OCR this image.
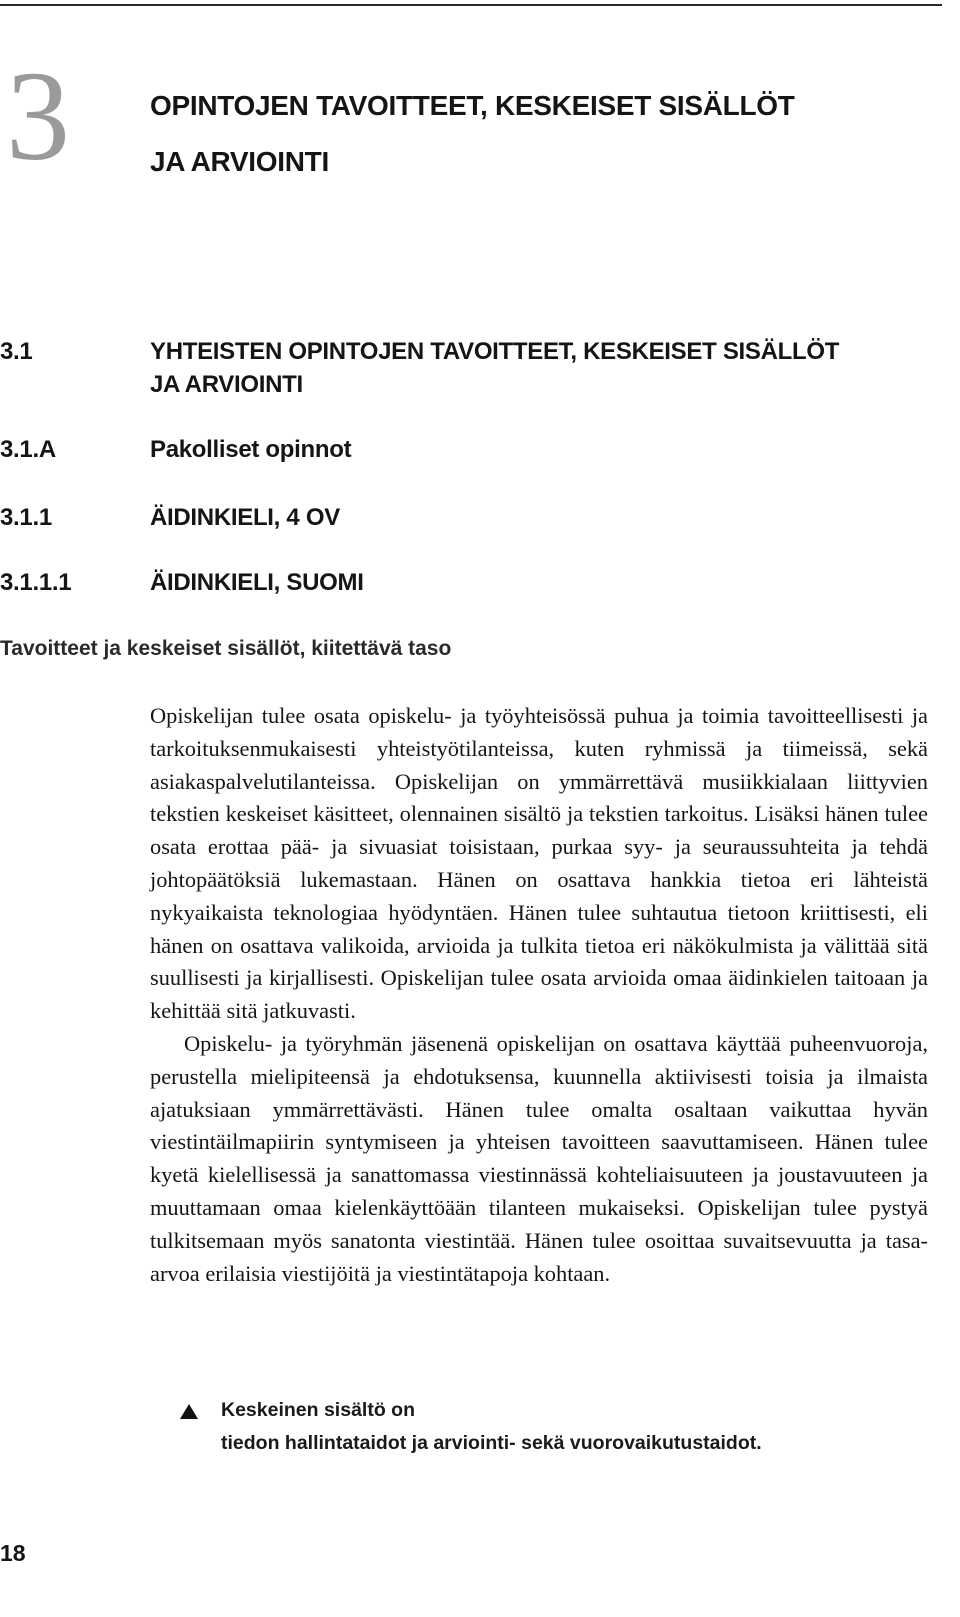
3	OPINTOJEN TAVOITTEET, KESKEISET SISÄLLÖT
JA ARVIOINTI
3.1	YHTEISTEN OPINTOJEN TAVOITTEET, KESKEISET SISÄLLÖT
JA ARVIOINTI
3.1.A	Pakolliset opinnot
3.1.1	ÄIDINKIELI, 4 OV
3.1.1.1	ÄIDINKIELI, SUOMI
Tavoitteet ja keskeiset sisällöt, kiitettävä taso

Opiskelijan tulee osata opiskelu- ja työyhteisössä puhua ja toimia tavoitteellisesti ja tarkoituksenmukaisesti yhteistyötilanteissa, kuten ryhmissä ja tiimeissä, sekä asiakaspalvelutilanteissa. Opiskelijan on ymmärrettävä musiikkialaan liittyvien tekstien keskeiset käsitteet, olennainen sisältö ja tekstien tarkoitus. Lisäksi hänen tulee osata erottaa pää- ja sivuasiat toisistaan, purkaa syy- ja seuraussuhteita ja tehdä johtopäätöksiä lukemastaan. Hänen on osattava hankkia tietoa eri lähteistä nykyaikaista teknologiaa hyödyntäen. Hänen tulee suhtautua tietoon kriittisesti, eli hänen on osattava valikoida, arvioida ja tulkita tietoa eri näkökulmista ja välittää sitä suullisesti ja kirjallisesti. Opiskelijan tulee osata arvioida omaa äidinkielen taitoaan ja kehittää sitä jatkuvasti.

Opiskelu- ja työryhmän jäsenenä opiskelijan on osattava käyttää puheenvuoroja, perustella mielipiteensä ja ehdotuksensa, kuunnella aktiivisesti toisia ja ilmaista ajatuksiaan ymmärrettävästi. Hänen tulee omalta osaltaan vaikuttaa hyvän viestintäilmapiirin syntymiseen ja yhteisen tavoitteen saavuttamiseen. Hänen tulee kyetä kielellisessä ja sanattomassa viestinnässä kohteliaisuuteen ja joustavuuteen ja muuttamaan omaa kielenkäyttöään tilanteen mukaiseksi. Opiskelijan tulee pystyä tulkitsemaan myös sanatonta viestintää. Hänen tulee osoittaa suvaitsevuutta ja tasa-arvoa erilaisia viestijöitä ja viestintätapoja kohtaan.

Keskeinen sisältö on
tiedon hallintataidot ja arviointi- sekä vuorovaikutustaidot.
18
